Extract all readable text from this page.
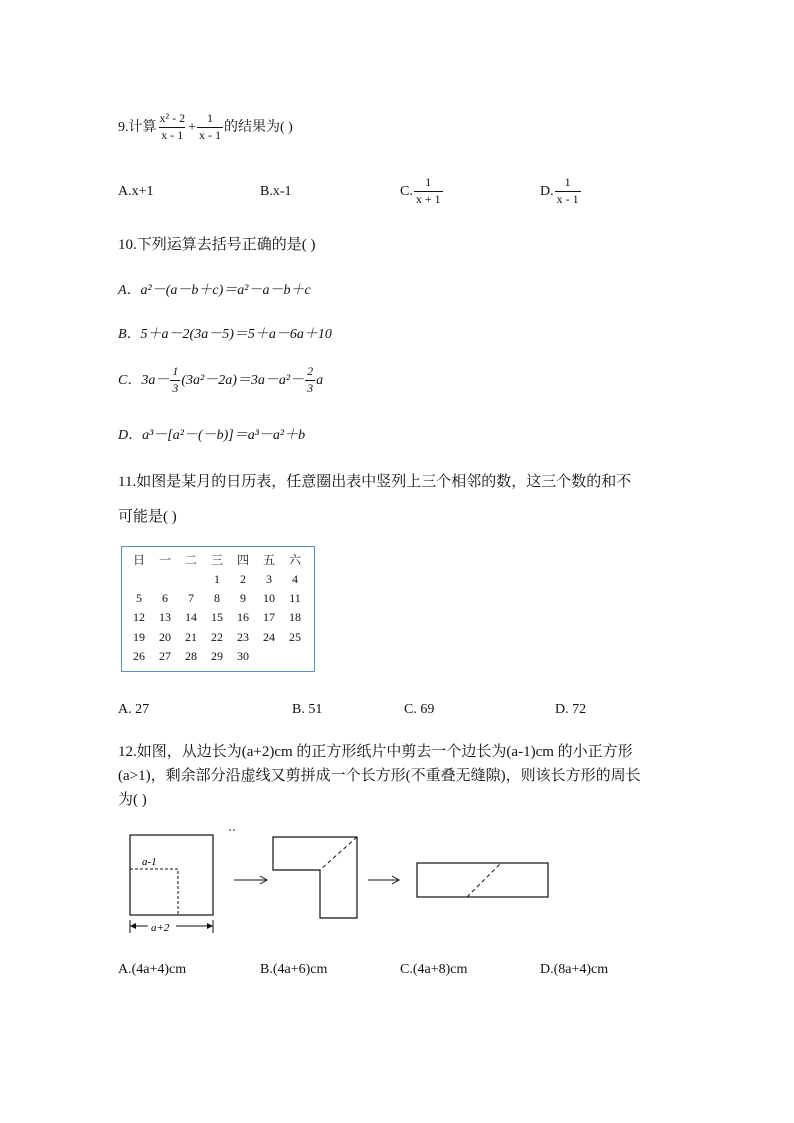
9.计算 $\frac{\text{x² - 2}}{x - 1} + \frac{1}{x - 1}$ 的结果为( )
A.x+1	B.x-1	C. $\frac{1}{x + 1}$	D. $\frac{1}{x - 1}$
10.下列运算去括号正确的是( )
A．a²－(a－b＋c)＝a²－a－b＋c
B．5＋a－2(3a－5)＝5＋a－6a＋10
C．$3a- \frac{1}{3} (3a^2-2a)=3a-a^2- \frac{2}{3}$ a
D．a³－[a²－(－b)]＝a³－a²＋b
11.如图是某月的日历表，任意圈出表中竖列上三个相邻的数，这三个数的和不
可能是( )
日	一	二	三	四	五	六
			1	2	3	4
5	6	7	8	9	10	11
12	13	14	15	16	17	18
19	20	21	22	23	24	25
26	27	28	29	30		
A. 27	B. 51	C. 69	D. 72
12.如图，从边长为(a+2)cm 的正方形纸片中剪去一个边长为(a-1)cm 的小正方形
(a>1)，剩余部分沿虚线又剪拼成一个长方形(不重叠无缝隙)，则该长方形的周长
为( )
a-1
a+2
A.(4a+4)cm	B.(4a+6)cm	C.(4a+8)cm	D.(8a+4)cm
